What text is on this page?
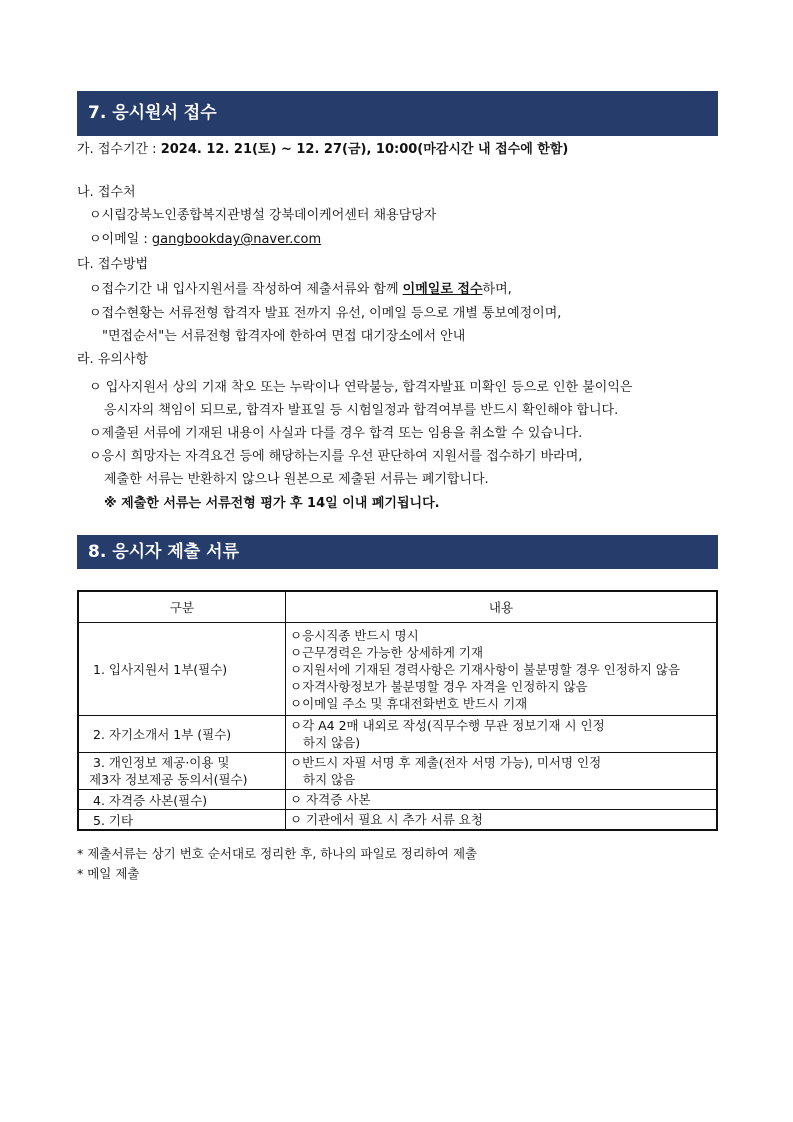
7. 응시원서 접수
가. 접수기간 : 2024. 12. 21(토) ~ 12. 27(금), 10:00(마감시간 내 접수에 한함)
나. 접수처
ㅇ시립강북노인종합복지관병설 강북데이케어센터 채용담당자
ㅇ이메일 : gangbookday@naver.com
다. 접수방법
ㅇ접수기간 내 입사지원서를 작성하여 제출서류와 함께 이메일로 접수하며,
ㅇ접수현황는 서류전형 합격자 발표 전까지 유선, 이메일 등으로 개별 통보예정이며,
"면접순서"는 서류전형 합격자에 한하여 면접 대기장소에서 안내
라. 유의사항
ㅇ 입사지원서 상의 기재 착오 또는 누락이나 연락불능, 합격자발표 미확인 등으로 인한 불이익은
응시자의 책임이 되므로, 합격자 발표일 등 시험일정과 합격여부를 반드시 확인해야 합니다.
ㅇ제출된 서류에 기재된 내용이 사실과 다를 경우 합격 또는 임용을 취소할 수 있습니다.
ㅇ응시 희망자는 자격요건 등에 해당하는지를 우선 판단하여 지원서를 접수하기 바라며,
제출한 서류는 반환하지 않으나 원본으로 제출된 서류는 폐기합니다.
※ 제출한 서류는 서류전형 평가 후 14일 이내 폐기됩니다.
8. 응시자 제출 서류
구분	내용
1. 입사지원서 1부(필수)	ㅇ응시직종 반드시 명시
ㅇ근무경력은 가능한 상세하게 기재
ㅇ지원서에 기재된 경력사항은 기재사항이 불분명할 경우 인정하지 않음
ㅇ자격사항정보가 불분명할 경우 자격을 인정하지 않음
ㅇ이메일 주소 및 휴대전화번호 반드시 기재

2. 자기소개서 1부 (필수)	ㅇ각 A4 2매 내외로 작성(직무수행 무관 정보기재 시 인정
하지 않음)

3. 개인정보 제공·이용 및
제3자 정보제공 동의서(필수)	ㅇ반드시 자필 서명 후 제출(전자 서명 가능), 미서명 인정
하지 않음

4. 자격증 사본(필수)	ㅇ 자격증 사본

5. 기타	ㅇ 기관에서 필요 시 추가 서류 요청
* 제출서류는 상기 번호 순서대로 정리한 후, 하나의 파일로 정리하여 제출
* 메일 제출
